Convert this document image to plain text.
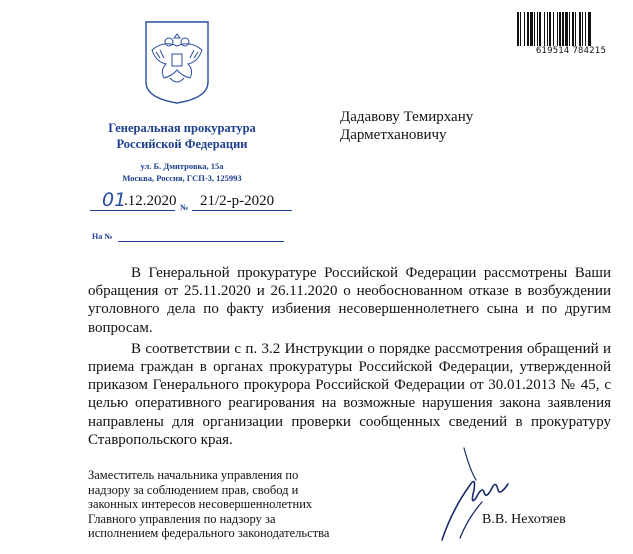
Генеральная прокуратура
Российской Федерации
ул. Б. Дмитровка, 15а
Москва, Россия, ГСП-3, 125993
01
.12.2020 № 21/2-р-2020
На №
619514 784215
Дадавову Темирхану
Дарметхановичу

В Генеральной прокуратуре Российской Федерации рассмотрены Ваши обращения от 25.11.2020 и 26.11.2020 о необоснованном отказе в возбуждении уголовного дела по факту избиения несовершеннолетнего сына и по другим вопросам.

В соответствии с п. 3.2 Инструкции о порядке рассмотрения обращений и приема граждан в органах прокуратуры Российской Федерации, утвержденной приказом Генерального прокурора Российской Федерации от 30.01.2013 № 45, с целью оперативного реагирования на возможные нарушения закона заявления направлены для организации проверки сообщенных сведений в прокуратуру Ставропольского края.

Заместитель начальника управления по
надзору за соблюдением прав, свобод и
законных интересов несовершеннолетних
Главного управления по надзору за
исполнением федерального законодательства
В.В. Нехотяев
